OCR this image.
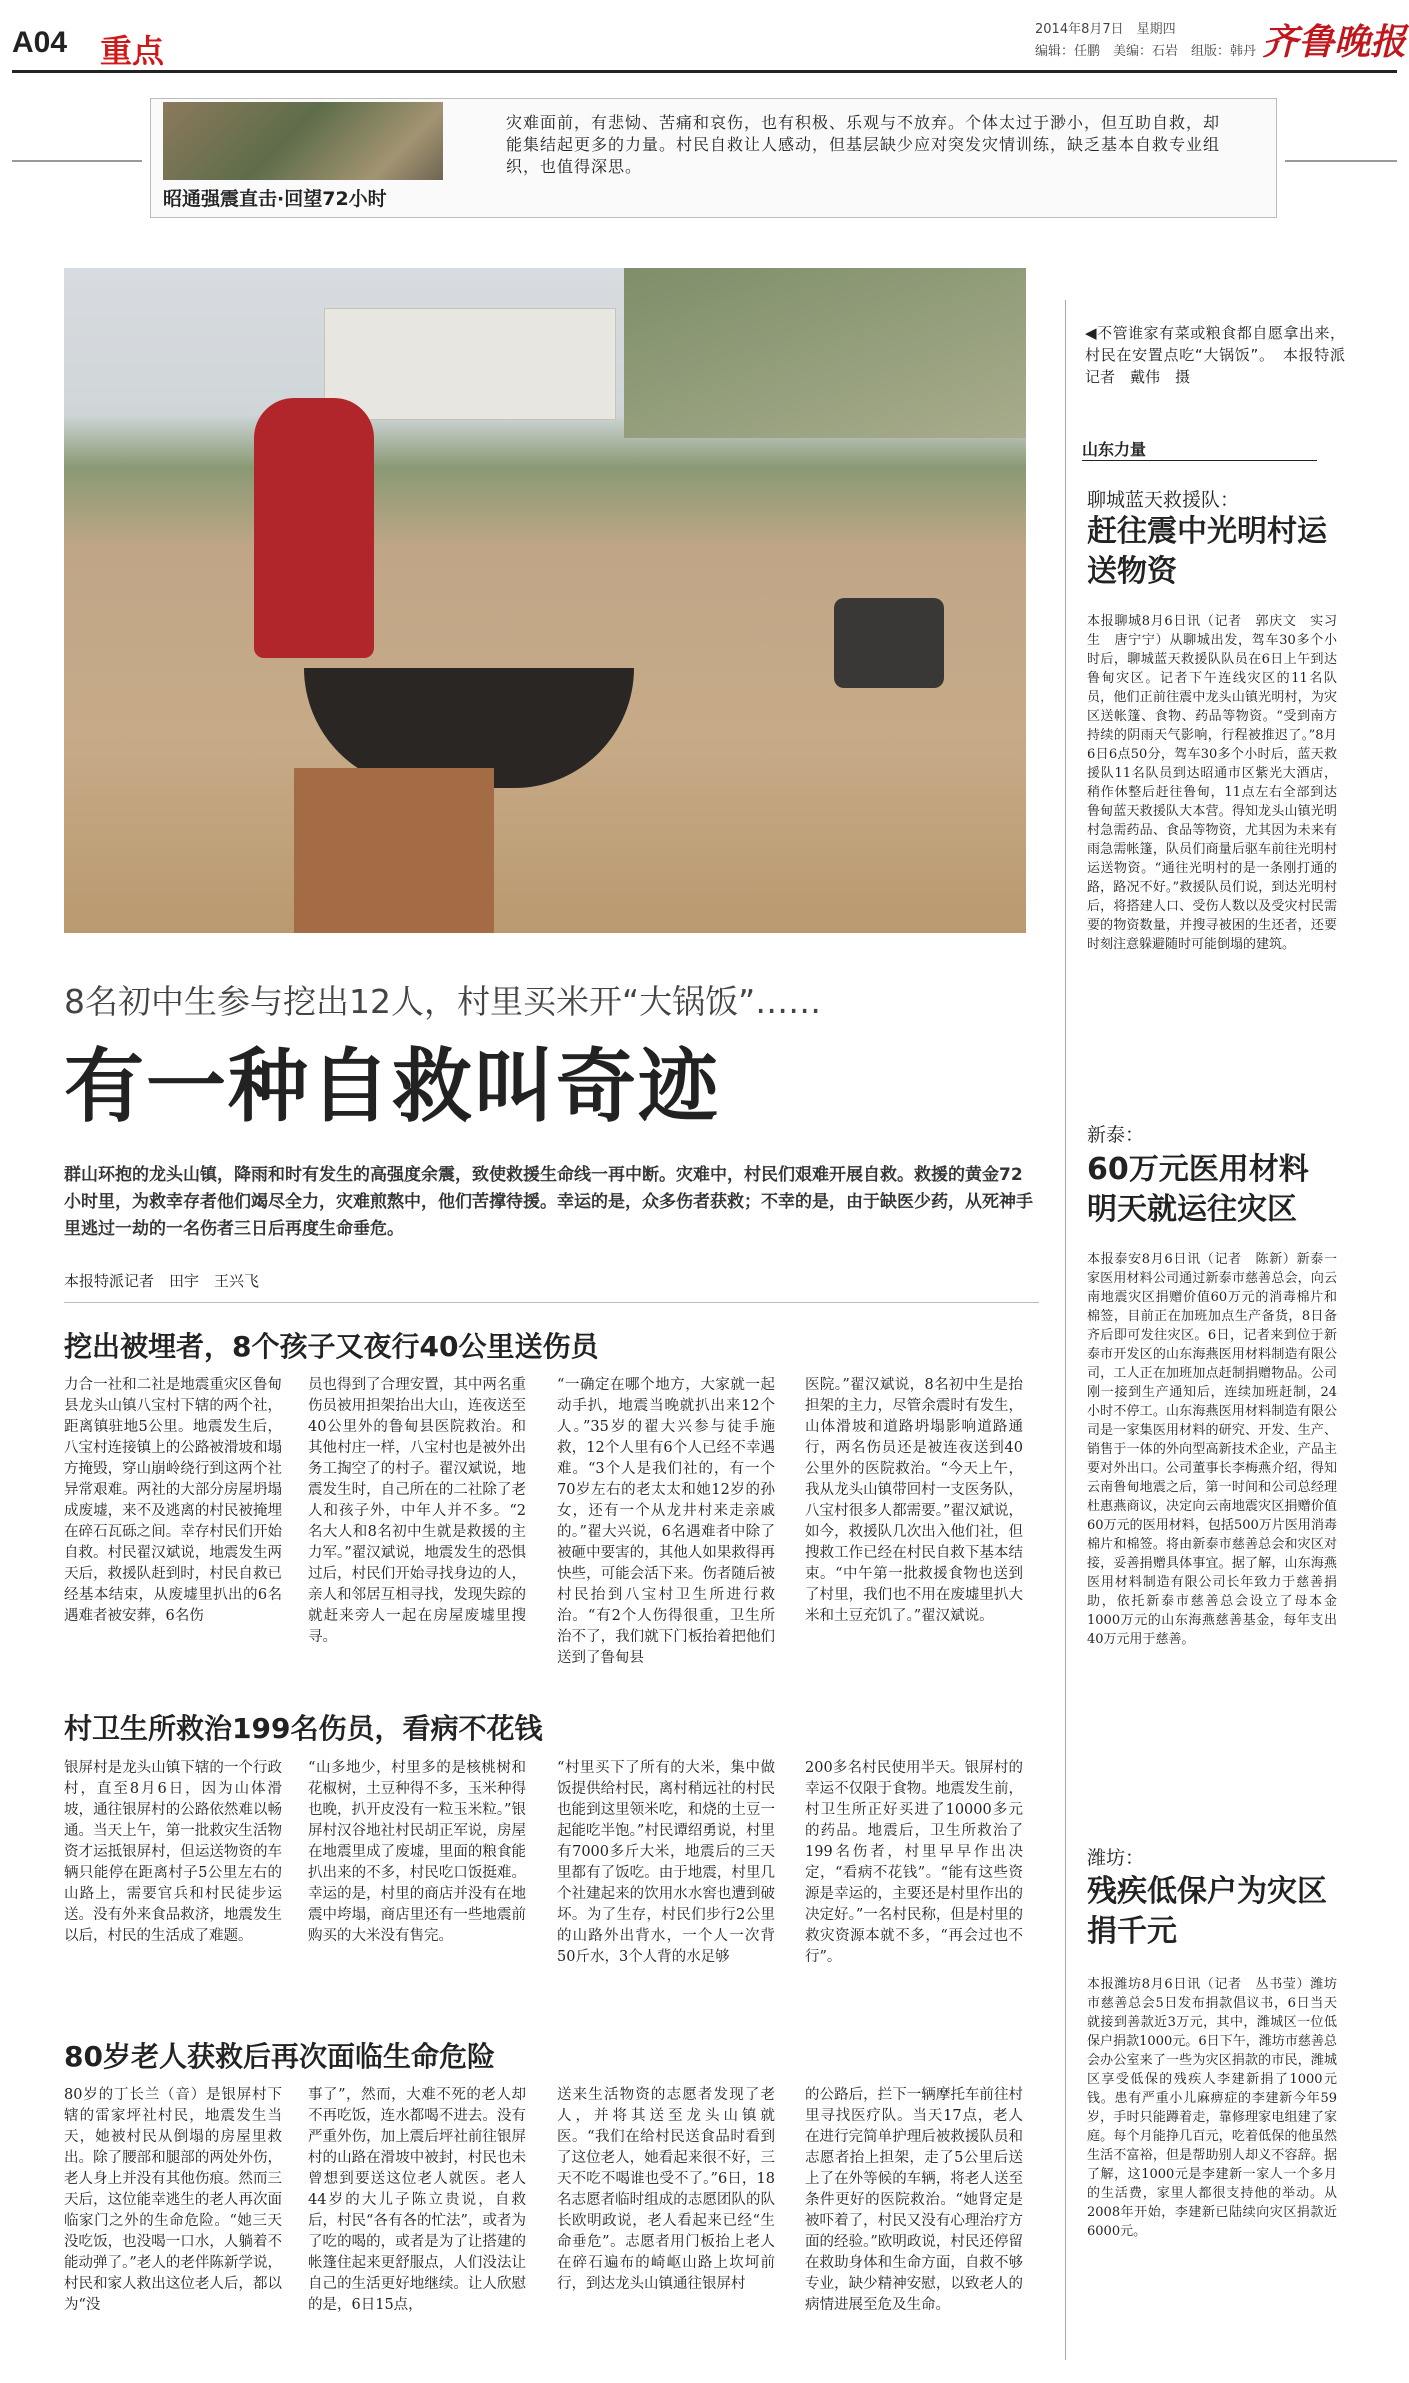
A04 重点
2014年8月7日　星期四
编辑：任鹏　美编：石岩　组版：韩丹 齐鲁晚报
昭通强震直击·回望72小时
灾难面前，有悲恸、苦痛和哀伤，也有积极、乐观与不放弃。个体太过于渺小，但互助自救，却能集结起更多的力量。村民自救让人感动，但基层缺少应对突发灾情训练，缺乏基本自救专业组织，也值得深思。
◀不管谁家有菜或粮食都自愿拿出来，村民在安置点吃“大锅饭”。　本报特派记者　戴伟　摄
8名初中生参与挖出12人，村里买米开“大锅饭”……
有一种自救叫奇迹
群山环抱的龙头山镇，降雨和时有发生的高强度余震，致使救援生命线一再中断。灾难中，村民们艰难开展自救。救援的黄金72小时里，为救幸存者他们竭尽全力，灾难煎熬中，他们苦撑待援。幸运的是，众多伤者获救；不幸的是，由于缺医少药，从死神手里逃过一劫的一名伤者三日后再度生命垂危。
本报特派记者　田宇　王兴飞
挖出被埋者，8个孩子又夜行40公里送伤员
力合一社和二社是地震重灾区鲁甸县龙头山镇八宝村下辖的两个社，距离镇驻地5公里。地震发生后，八宝村连接镇上的公路被滑坡和塌方掩毁，穿山崩岭绕行到这两个社异常艰难。两社的大部分房屋坍塌成废墟，来不及逃离的村民被掩埋在碎石瓦砾之间。幸存村民们开始自救。村民翟汉斌说，地震发生两天后，救援队赶到时，村民自救已经基本结束，从废墟里扒出的6名遇难者被安葬，6名伤
员也得到了合理安置，其中两名重伤员被用担架抬出大山，连夜送至40公里外的鲁甸县医院救治。和其他村庄一样，八宝村也是被外出务工掏空了的村子。翟汉斌说，地震发生时，自己所在的二社除了老人和孩子外，中年人并不多。“2名大人和8名初中生就是救援的主力军。”翟汉斌说，地震发生的恐惧过后，村民们开始寻找身边的人，亲人和邻居互相寻找，发现失踪的就赶来旁人一起在房屋废墟里搜寻。
“一确定在哪个地方，大家就一起动手扒，地震当晚就扒出来12个人。”35岁的翟大兴参与徒手施救，12个人里有6个人已经不幸遇难。“3个人是我们社的，有一个70岁左右的老太太和她12岁的孙女，还有一个从龙井村来走亲戚的。”翟大兴说，6名遇难者中除了被砸中要害的，其他人如果救得再快些，可能会活下来。伤者随后被村民抬到八宝村卫生所进行救治。“有2个人伤得很重，卫生所治不了，我们就下门板抬着把他们送到了鲁甸县
医院。”翟汉斌说，8名初中生是抬担架的主力，尽管余震时有发生，山体滑坡和道路坍塌影响道路通行，两名伤员还是被连夜送到40公里外的医院救治。“今天上午，我从龙头山镇带回村一支医务队，八宝村很多人都需要。”翟汉斌说，如今，救援队几次出入他们社，但搜救工作已经在村民自救下基本结束。“中午第一批救援食物也送到了村里，我们也不用在废墟里扒大米和土豆充饥了。”翟汉斌说。
村卫生所救治199名伤员，看病不花钱
银屏村是龙头山镇下辖的一个行政村，直至8月6日，因为山体滑坡，通往银屏村的公路依然难以畅通。当天上午，第一批救灾生活物资才运抵银屏村，但运送物资的车辆只能停在距离村子5公里左右的山路上，需要官兵和村民徒步运送。没有外来食品救济，地震发生以后，村民的生活成了难题。
“山多地少，村里多的是核桃树和花椒树，土豆种得不多，玉米种得也晚，扒开皮没有一粒玉米粒。”银屏村汉谷地社村民胡正军说，房屋在地震里成了废墟，里面的粮食能扒出来的不多，村民吃口饭挺难。幸运的是，村里的商店并没有在地震中垮塌，商店里还有一些地震前购买的大米没有售完。
“村里买下了所有的大米，集中做饭提供给村民，离村稍远社的村民也能到这里领米吃，和烧的土豆一起能吃半饱。”村民谭绍勇说，村里有7000多斤大米，地震后的三天里都有了饭吃。由于地震，村里几个社建起来的饮用水水窖也遭到破坏。为了生存，村民们步行2公里的山路外出背水，一个人一次背50斤水，3个人背的水足够
200多名村民使用半天。银屏村的幸运不仅限于食物。地震发生前，村卫生所正好买进了10000多元的药品。地震后，卫生所救治了199名伤者，村里早早作出决定，“看病不花钱”。“能有这些资源是幸运的，主要还是村里作出的决定好。”一名村民称，但是村里的救灾资源本就不多，“再会过也不行”。
80岁老人获救后再次面临生命危险
80岁的丁长兰（音）是银屏村下辖的雷家坪社村民，地震发生当天，她被村民从倒塌的房屋里救出。除了腰部和腿部的两处外伤，老人身上并没有其他伤痕。然而三天后，这位能幸逃生的老人再次面临家门之外的生命危险。“她三天没吃饭，也没喝一口水，人躺着不能动弹了。”老人的老伴陈新学说，村民和家人救出这位老人后，都以为“没
事了”，然而，大难不死的老人却不再吃饭，连水都喝不进去。没有严重外伤，加上震后坪社前往银屏村的山路在滑坡中被封，村民也未曾想到要送这位老人就医。老人44岁的大儿子陈立贵说，自救后，村民“各有各的忙法”，或者为了吃的喝的，或者是为了让搭建的帐篷住起来更舒服点，人们没法让自己的生活更好地继续。让人欣慰的是，6日15点，
送来生活物资的志愿者发现了老人，并将其送至龙头山镇就医。“我们在给村民送食品时看到了这位老人，她看起来很不好，三天不吃不喝谁也受不了。”6日，18名志愿者临时组成的志愿团队的队长欧明政说，老人看起来已经“生命垂危”。志愿者用门板抬上老人在碎石遍布的崎岖山路上坎坷前行，到达龙头山镇通往银屏村
的公路后，拦下一辆摩托车前往村里寻找医疗队。当天17点，老人在进行完简单护理后被救援队员和志愿者抬上担架，走了5公里后送上了在外等候的车辆，将老人送至条件更好的医院救治。“她肾定是被吓着了，村民又没有心理治疗方面的经验。”欧明政说，村民还停留在救助身体和生命方面，自救不够专业，缺少精神安慰，以致老人的病情进展至危及生命。
山东力量
聊城蓝天救援队：
赶往震中光明村运送物资
本报聊城8月6日讯（记者　郭庆文　实习生　唐宁宁）从聊城出发，驾车30多个小时后，聊城蓝天救援队队员在6日上午到达鲁甸灾区。记者下午连线灾区的11名队员，他们正前往震中龙头山镇光明村，为灾区送帐篷、食物、药品等物资。“受到南方持续的阴雨天气影响，行程被推迟了。”8月6日6点50分，驾车30多个小时后，蓝天救援队11名队员到达昭通市区紫光大酒店，稍作休整后赶往鲁甸，11点左右全部到达鲁甸蓝天救援队大本营。得知龙头山镇光明村急需药品、食品等物资，尤其因为未来有雨急需帐篷，队员们商量后驱车前往光明村运送物资。“通往光明村的是一条刚打通的路，路况不好。”救援队员们说，到达光明村后，将搭建人口、受伤人数以及受灾村民需要的物资数量，并搜寻被困的生还者，还要时刻注意躲避随时可能倒塌的建筑。
新泰：
60万元医用材料明天就运往灾区
本报泰安8月6日讯（记者　陈新）新泰一家医用材料公司通过新泰市慈善总会，向云南地震灾区捐赠价值60万元的消毒棉片和棉签，目前正在加班加点生产备货，8日备齐后即可发往灾区。6日，记者来到位于新泰市开发区的山东海燕医用材料制造有限公司，工人正在加班加点赶制捐赠物品。公司刚一接到生产通知后，连续加班赶制，24小时不停工。山东海燕医用材料制造有限公司是一家集医用材料的研究、开发、生产、销售于一体的外向型高新技术企业，产品主要对外出口。公司董事长李梅燕介绍，得知云南鲁甸地震之后，第一时间和公司总经理杜惠燕商议，决定向云南地震灾区捐赠价值60万元的医用材料，包括500万片医用消毒棉片和棉签。将由新泰市慈善总会和灾区对接，妥善捐赠具体事宜。据了解，山东海燕医用材料制造有限公司长年致力于慈善捐助，依托新泰市慈善总会设立了母本金1000万元的山东海燕慈善基金，每年支出40万元用于慈善。
潍坊：
残疾低保户为灾区捐千元
本报潍坊8月6日讯（记者　丛书莹）潍坊市慈善总会5日发布捐款倡议书，6日当天就接到善款近3万元，其中，潍城区一位低保户捐款1000元。6日下午，潍坊市慈善总会办公室来了一些为灾区捐款的市民，潍城区享受低保的残疾人李建新捐了1000元钱。患有严重小儿麻痹症的李建新今年59岁，手时只能蹲着走，靠修理家电组建了家庭。每个月能挣几百元，吃着低保的他虽然生活不富裕，但是帮助别人却义不容辞。据了解，这1000元是李建新一家人一个多月的生活费，家里人都很支持他的举动。从2008年开始，李建新已陆续向灾区捐款近6000元。
